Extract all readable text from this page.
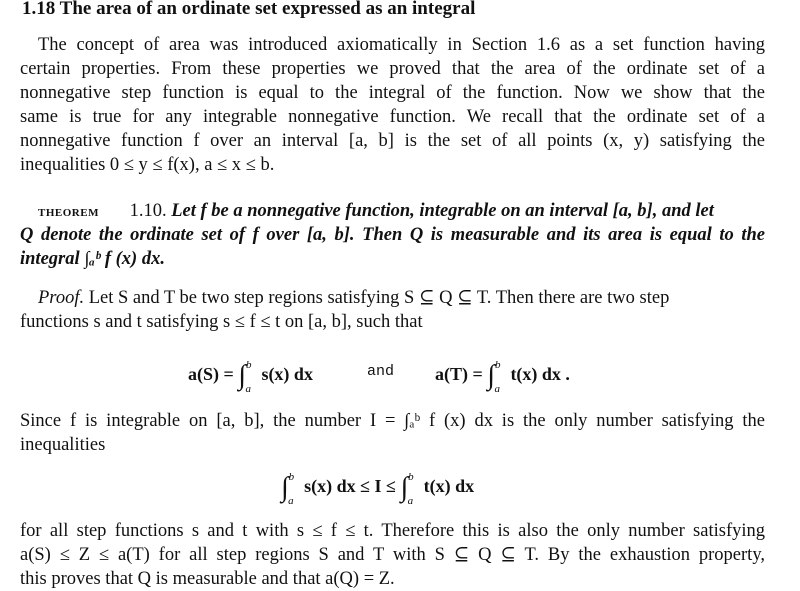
1.18 The area of an ordinate set expressed as an integral
The concept of area was introduced axiomatically in Section 1.6 as a set function having
certain properties. From these properties we proved that the area of the ordinate set of a
nonnegative step function is equal to the integral of the function. Now we show that the
same is true for any integrable nonnegative function. We recall that the ordinate set of a
nonnegative function f over an interval [a, b] is the set of all points (x, y) satisfying the
inequalities 0 ≤ y ≤ f(x), a ≤ x ≤ b.
THEOREM 1.10. Let f be a nonnegative function, integrable on an interval [a, b], and let
Q denote the ordinate set of f over [a, b]. Then Q is measurable and its area is equal to the
integral ∫ₐᵇ f (x) dx.
Proof. Let S and T be two step regions satisfying S ⊆ Q ⊆ T. Then there are two step
functions s and t satisfying s ≤ f ≤ t on [a, b], such that
a(S) = ∫$^b_a$ s(x) dx	and a(T) = ∫$^b_a$ t(x) dx .
Since f is integrable on [a, b], the number I = ∫ₐᵇ f (x) dx is the only number satisfying the
inequalities
∫$^b_a$ s(x) dx ≤ I ≤ ∫$^b_a$ t(x) dx
for all step functions s and t with s ≤ f ≤ t. Therefore this is also the only number satisfying
a(S) ≤ Z ≤ a(T) for all step regions S and T with S ⊆ Q ⊆ T. By the exhaustion property,
this proves that Q is measurable and that a(Q) = Z.
